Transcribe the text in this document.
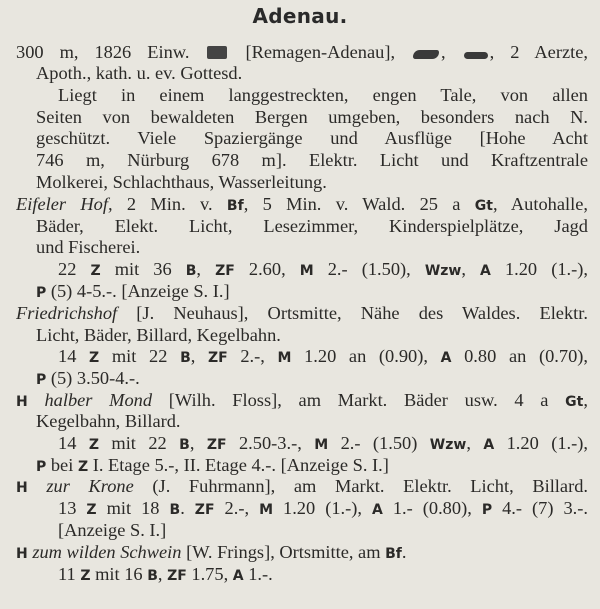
Adenau.
300 m, 1826 Einw.  [Remagen-Adenau], , , 2 Aerzte,
Apoth., kath. u. ev. Gottesd.
Liegt in einem langgestreckten, engen Tale, von allen
Seiten von bewaldeten Bergen umgeben, besonders nach N.
geschützt. Viele Spaziergänge und Ausflüge [Hohe Acht
746 m, Nürburg 678 m]. Elektr. Licht und Kraftzentrale
Molkerei, Schlachthaus, Wasserleitung.
Eifeler Hof, 2 Min. v. Bf, 5 Min. v. Wald. 25 a Gt, Autohalle,
Bäder, Elekt. Licht, Lesezimmer, Kinderspielplätze, Jagd
und Fischerei.
22 Z mit 36 B, ZF 2.60, M 2.- (1.50), Wzw, A 1.20 (1.-),
P (5) 4-5.-. [Anzeige S. I.]
Friedrichshof [J. Neuhaus], Ortsmitte, Nähe des Waldes. Elektr.
Licht, Bäder, Billard, Kegelbahn.
14 Z mit 22 B, ZF 2.-, M 1.20 an (0.90), A 0.80 an (0.70),
P (5) 3.50-4.-.
H halber Mond [Wilh. Floss], am Markt. Bäder usw. 4 a Gt,
Kegelbahn, Billard.
14 Z mit 22 B, ZF 2.50-3.-, M 2.- (1.50) Wzw, A 1.20 (1.-),
P bei Z I. Etage 5.-, II. Etage 4.-. [Anzeige S. I.]
H zur Krone (J. Fuhrmann], am Markt. Elektr. Licht, Billard.
13 Z mit 18 B. ZF 2.-, M 1.20 (1.-), A 1.- (0.80), P 4.- (7) 3.-.
[Anzeige S. I.]
H zum wilden Schwein [W. Frings], Ortsmitte, am Bf.
11 Z mit 16 B, ZF 1.75, A 1.-.
